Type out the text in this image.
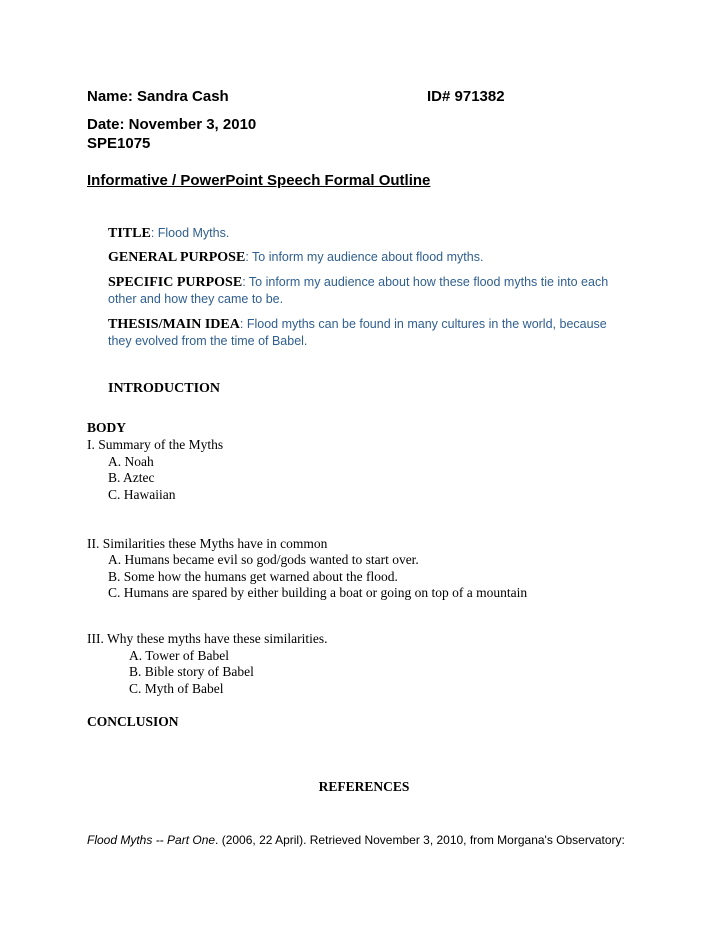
Name: Sandra Cash	ID# 971382
Date: November 3, 2010
SPE1075
Informative / PowerPoint Speech Formal Outline
TITLE: Flood Myths.
GENERAL PURPOSE: To inform my audience about flood myths.
SPECIFIC PURPOSE: To inform my audience about how these flood myths tie into each
other and how they came to be.
THESIS/MAIN IDEA: Flood myths can be found in many cultures in the world, because
they evolved from the time of Babel.
INTRODUCTION
BODY
I. Summary of the Myths
A. Noah
B. Aztec
C. Hawaiian
II. Similarities these Myths have in common
A. Humans became evil so god/gods wanted to start over.
B. Some how the humans get warned about the flood.
C. Humans are spared by either building a boat or going on top of a mountain
III. Why these myths have these similarities.
A. Tower of Babel
B. Bible story of Babel
C. Myth of Babel
CONCLUSION
REFERENCES
Flood Myths -- Part One. (2006, 22 April). Retrieved November 3, 2010, from Morgana's Observatory:
